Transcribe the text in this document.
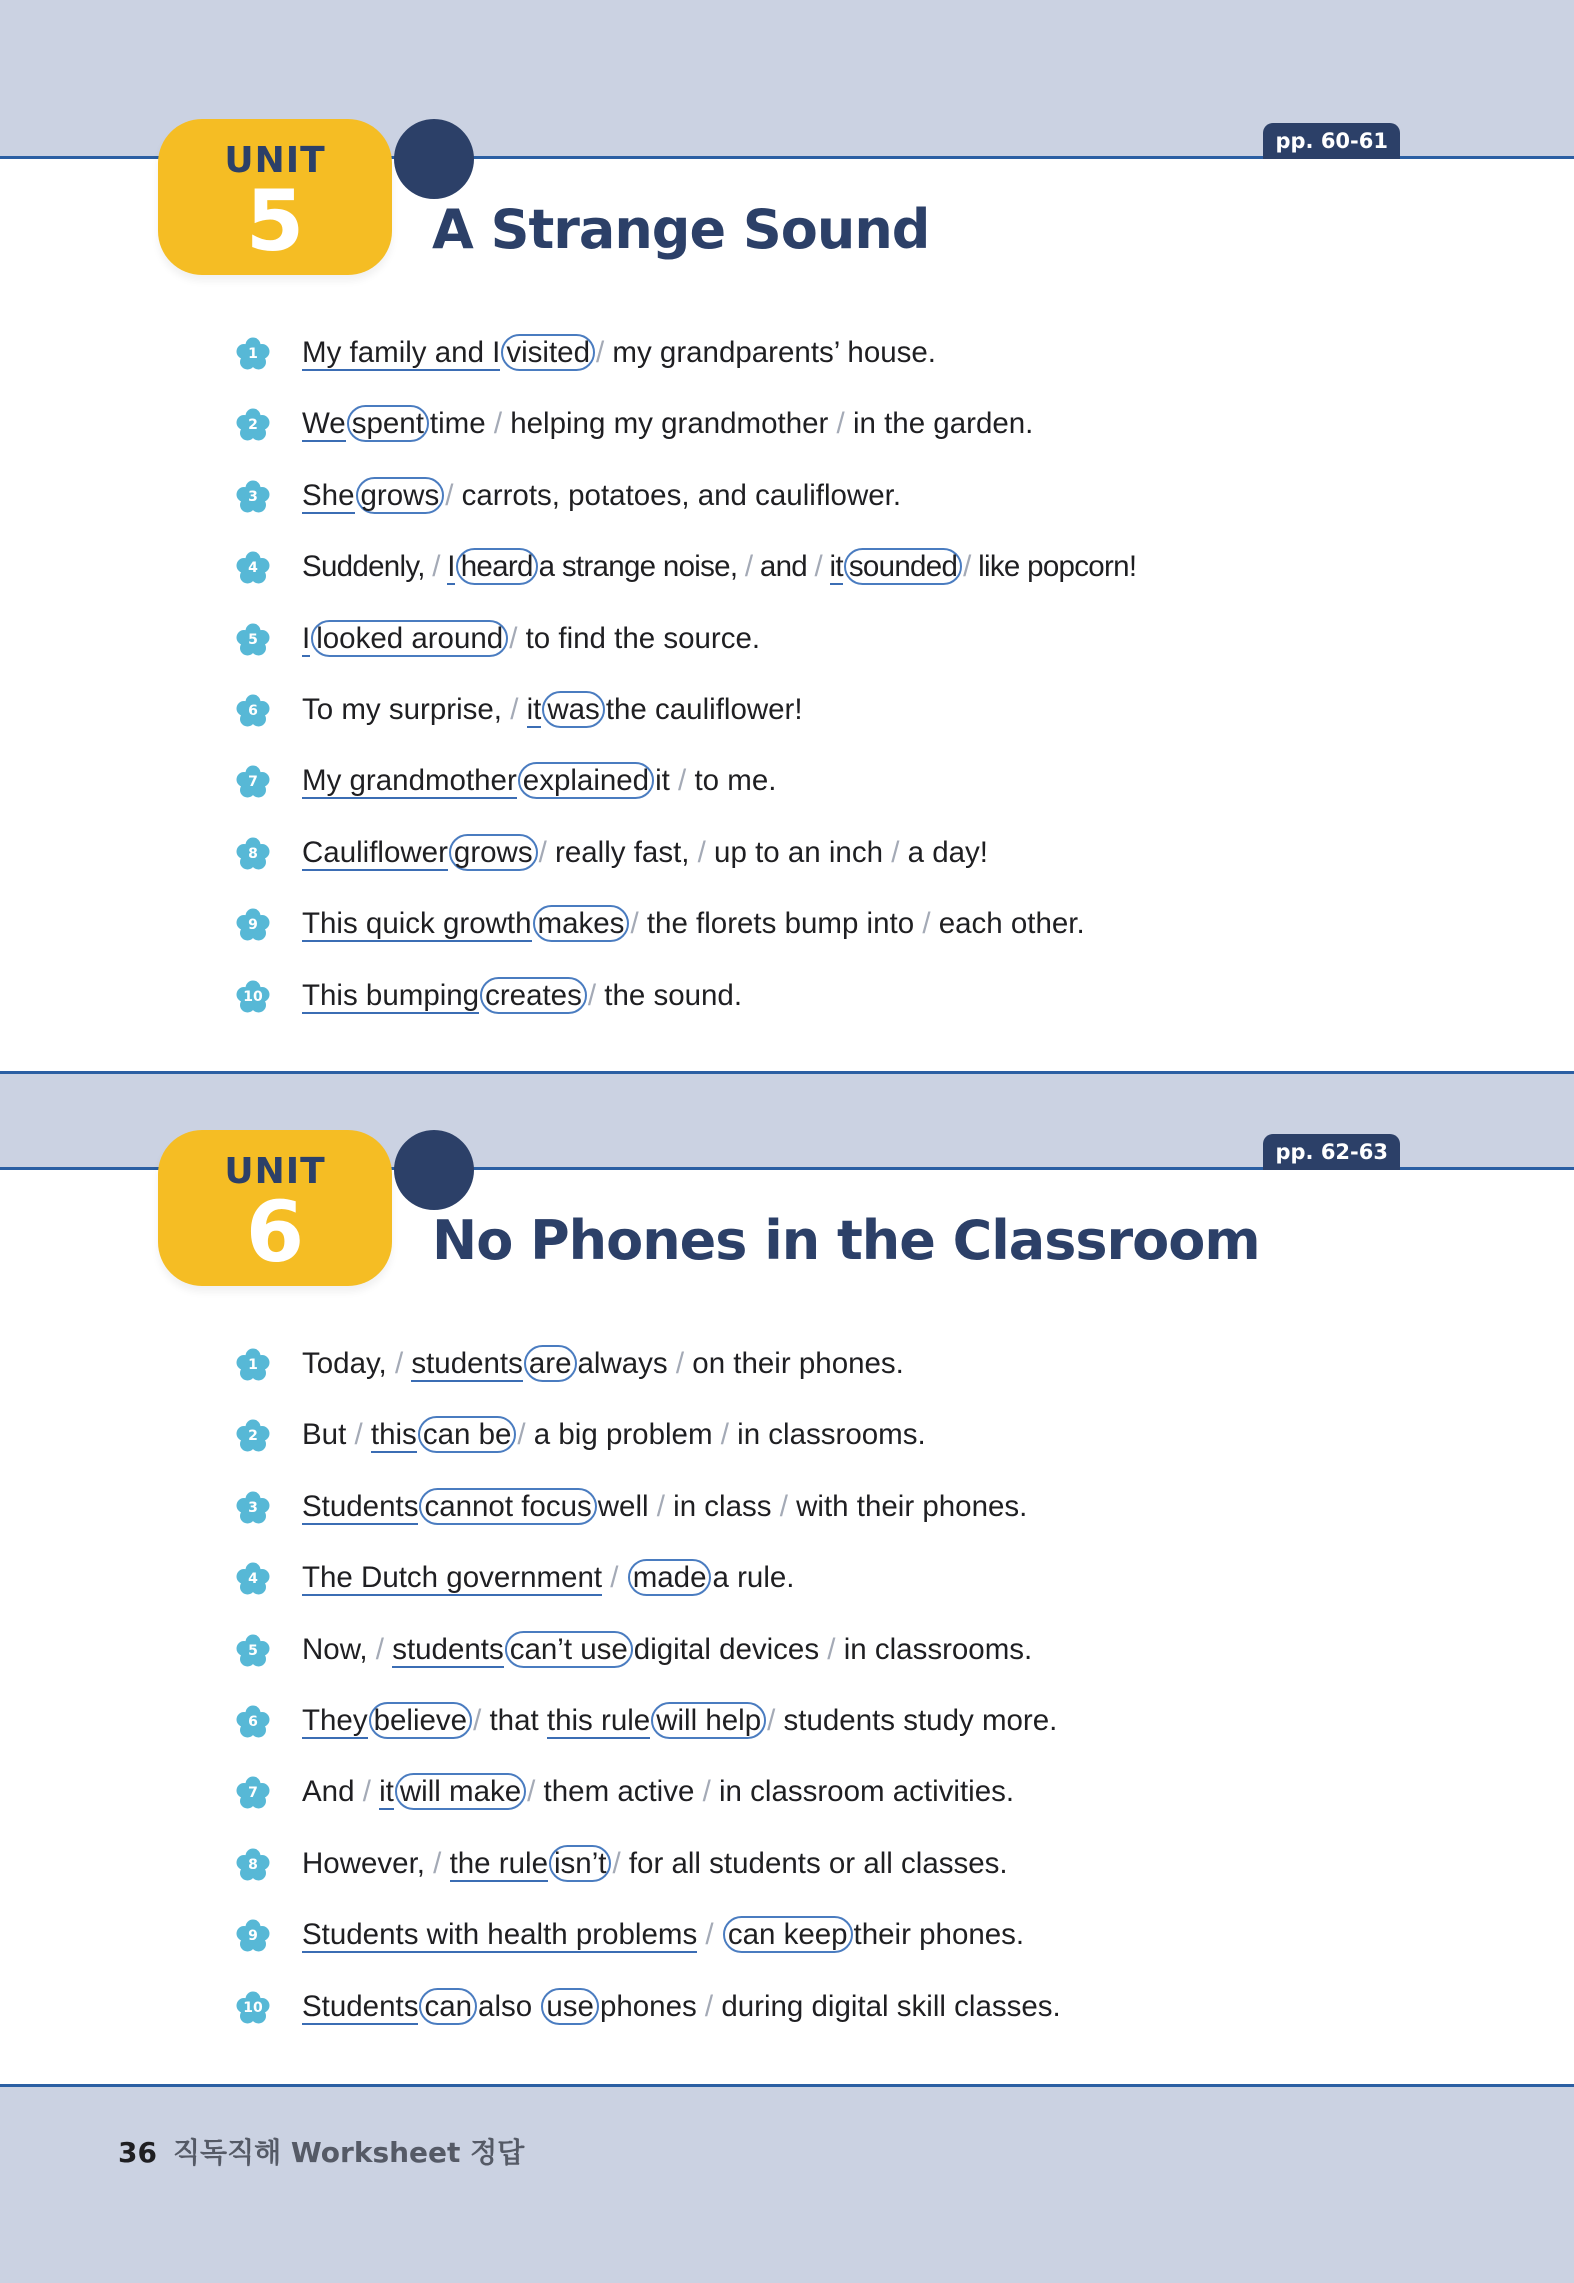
UNIT
5
pp. 60-61
A Strange Sound
1	My family and I visited / my grandparents’ house.
2	We spent time / helping my grandmother / in the garden.
3	She grows / carrots, potatoes, and cauliflower.
4	Suddenly, / I heard a strange noise, / and / it sounded / like popcorn!
5	I looked around / to find the source.
6	To my surprise, / it was the cauliflower!
7	My grandmother explained it / to me.
8	Cauliflower grows / really fast, / up to an inch / a day!
9	This quick growth makes / the florets bump into / each other.
10 This bumping creates / the sound.
UNIT
6
pp. 62-63
No Phones in the Classroom
1	Today, / students are always / on their phones.
2	But / this can be / a big problem / in classrooms.
3	Students cannot focus well / in class / with their phones.
4	The Dutch government / made a rule.
5	Now, / students can’t use digital devices / in classrooms.
6	They believe / that this rule will help / students study more.
7	And / it will make / them active / in classroom activities.
8	However, / the rule isn’t / for all students or all classes.
9	Students with health problems / can keep their phones.
10 Students can also use phones / during digital skill classes.
36 직독직해 Worksheet 정답
